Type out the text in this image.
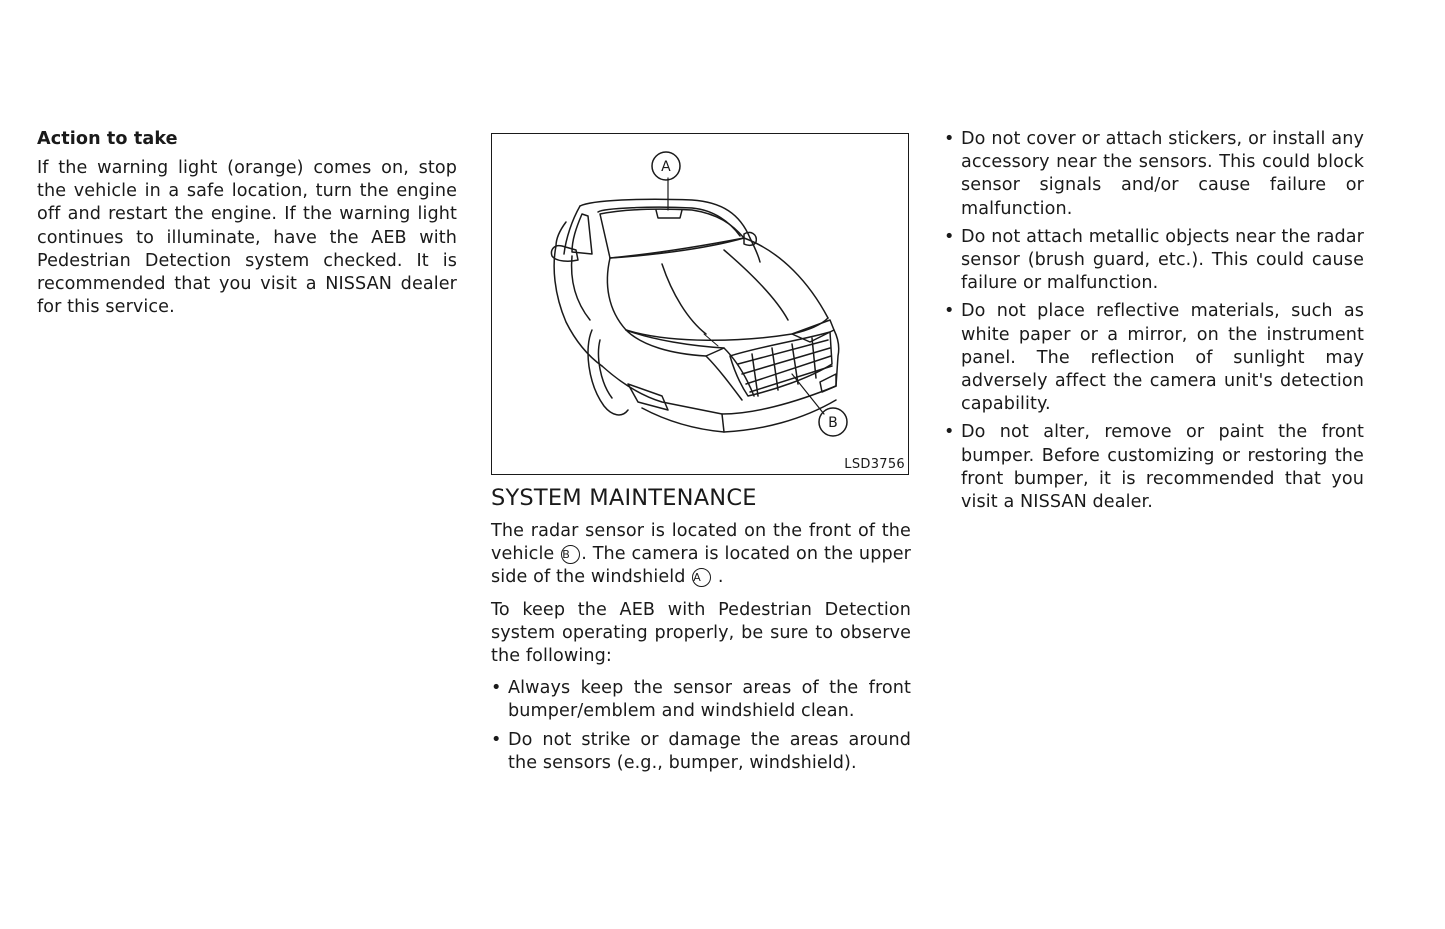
Action to take

If the warning light (orange) comes on, stop the vehicle in a safe location, turn the engine off and restart the engine. If the warning light continues to illuminate, have the AEB with Pedestrian Detection system checked. It is recommended that you visit a NISSAN dealer for this service.

A
B
LSD3756
SYSTEM MAINTENANCE

The radar sensor is located on the front of the vehicle B . The camera is located on the upper side of the windshield A .

To keep the AEB with Pedestrian Detection system operating properly, be sure to observe the following:

• Always keep the sensor areas of the front bumper/emblem and windshield clean.
• Do not strike or damage the areas around the sensors (e.g., bumper, windshield).
• Do not cover or attach stickers, or install any accessory near the sensors. This could block sensor signals and/or cause failure or malfunction.
• Do not attach metallic objects near the radar sensor (brush guard, etc.). This could cause failure or malfunction.
• Do not place reflective materials, such as white paper or a mirror, on the instrument panel. The reflection of sunlight may adversely affect the camera unit's detection capability.
• Do not alter, remove or paint the front bumper. Before customizing or restoring the front bumper, it is recommended that you visit a NISSAN dealer.
